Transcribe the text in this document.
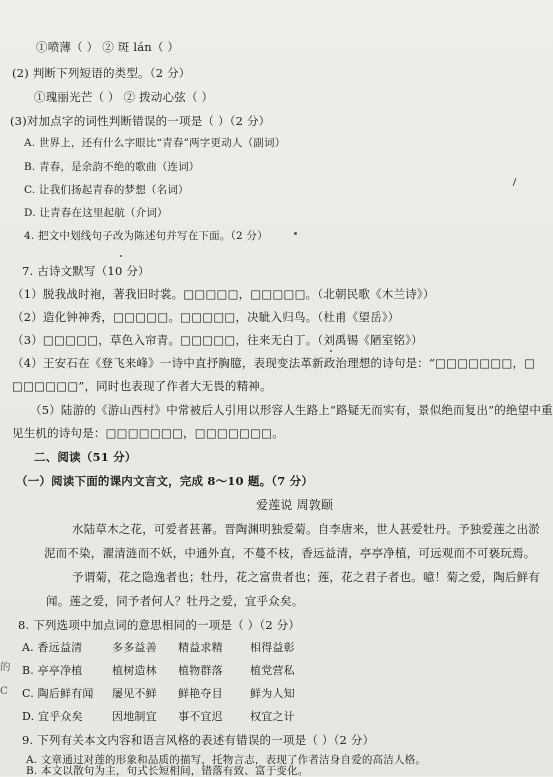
①喷薄（ ） ② 斑 lán（ ）
(2) 判断下列短语的类型。（2 分）
①瑰丽光芒（ ） ② 拨动心弦（ ）
(3)对加点字的词性判断错误的一项是（ ）（2 分）
A. 世界上，还有什么字眼比“青春”两字更动人（副词）
B. 青春，是余韵不绝的歌曲（连词）
C. 让我们扬起青春的梦想（名词）
D. 让青春在这里起航（介词）
4. 把文中划线句子改为陈述句并写在下面。（2 分）
7. 古诗文默写（10 分）
（1）脱我战时袍，著我旧时裳。□□□□□，□□□□□。（北朝民歌《木兰诗》）
（2）造化钟神秀，□□□□□。□□□□□，决眦入归鸟。（杜甫《望岳》）
（3）□□□□□，草色入帘青。□□□□□，往来无白丁。（刘禹锡《陋室铭》）
（4）王安石在《登飞来峰》一诗中直抒胸臆，表现变法革新政治理想的诗句是：“□□□□□□□，□
□□□□□□”，同时也表现了作者大无畏的精神。
（5）陆游的《游山西村》中常被后人引用以形容人生路上“路疑无而实有，景似绝而复出”的绝望中重
见生机的诗句是：□□□□□□□，□□□□□□□。
二、阅读（51 分）
（一）阅读下面的课内文言文，完成 8～10 题。（7 分）
爱莲说 周敦颐
水陆草木之花，可爱者甚蕃。晋陶渊明独爱菊。自李唐来，世人甚爱牡丹。予独爱莲之出淤
泥而不染，濯清涟而不妖，中通外直，不蔓不枝，香远益清，亭亭净植，可远观而不可亵玩焉。
予谓菊，花之隐逸者也；牡丹，花之富贵者也；莲，花之君子者也。噫！菊之爱，陶后鲜有
闻。莲之爱，同予者何人？牡丹之爱，宜乎众矣。
8. 下列选项中加点词的意思相同的一项是（ ）（2 分）
A. 香远益清	多多益善 精益求精 相得益彰
B. 亭亭净植	植树造林 植物群落 植党营私
C. 陶后鲜有闻 屡见不鲜 鲜艳夺目 鲜为人知
D. 宜乎众矣	因地制宜 事不宜迟 权宜之计
9. 下列有关本文内容和语言风格的表述有错误的一项是（ ）（2 分）
A. 文章通过对莲的形象和品质的描写，托物言志，表现了作者洁身自爱的高洁人格。
B. 本文以散句为主，句式长短相间，错落有致、富于变化。
的
C
